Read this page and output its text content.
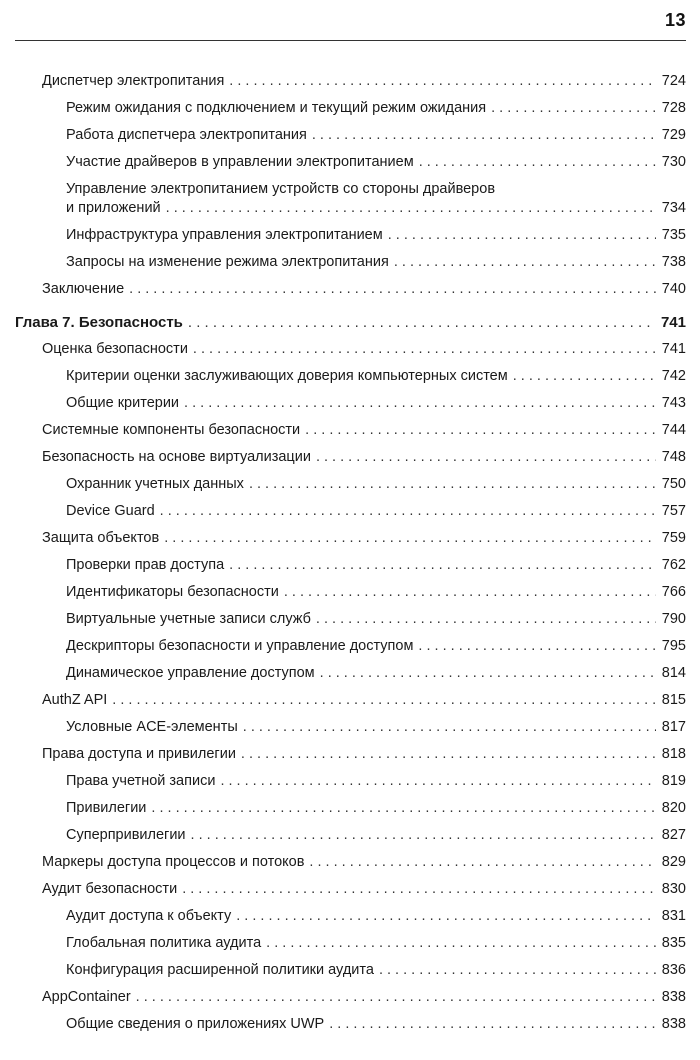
13
Диспетчер электропитания . . .	724
Режим ожидания с подключением и текущий режим ожидания . . .	728
Работа диспетчера электропитания . . .	729
Участие драйверов в управлении электропитанием . . .	730
Управление электропитанием устройств со стороны драйверов
и приложений . . .	734
Инфраструктура управления электропитанием . . .	735
Запросы на изменение режима электропитания . . .	738
Заключение . . .	740
Глава 7. Безопасность . . .	741
Оценка безопасности . . .	741
Критерии оценки заслуживающих доверия компьютерных систем . . .	742
Общие критерии . . .	743
Системные компоненты безопасности . . .	744
Безопасность на основе виртуализации . . .	748
Охранник учетных данных . . .	750
Device Guard . . .	757
Защита объектов . . .	759
Проверки прав доступа . . .	762
Идентификаторы безопасности . . .	766
Виртуальные учетные записи служб . . .	790
Дескрипторы безопасности и управление доступом . . .	795
Динамическое управление доступом . . .	814
AuthZ API . . .	815
Условные ACE-элементы . . .	817
Права доступа и привилегии . . .	818
Права учетной записи . . .	819
Привилегии . . .	820
Суперпривилегии . . .	827
Маркеры доступа процессов и потоков . . .	829
Аудит безопасности . . .	830
Аудит доступа к объекту . . .	831
Глобальная политика аудита . . .	835
Конфигурация расширенной политики аудита . . .	836
AppContainer . . .	838
Общие сведения о приложениях UWP . . .	838
